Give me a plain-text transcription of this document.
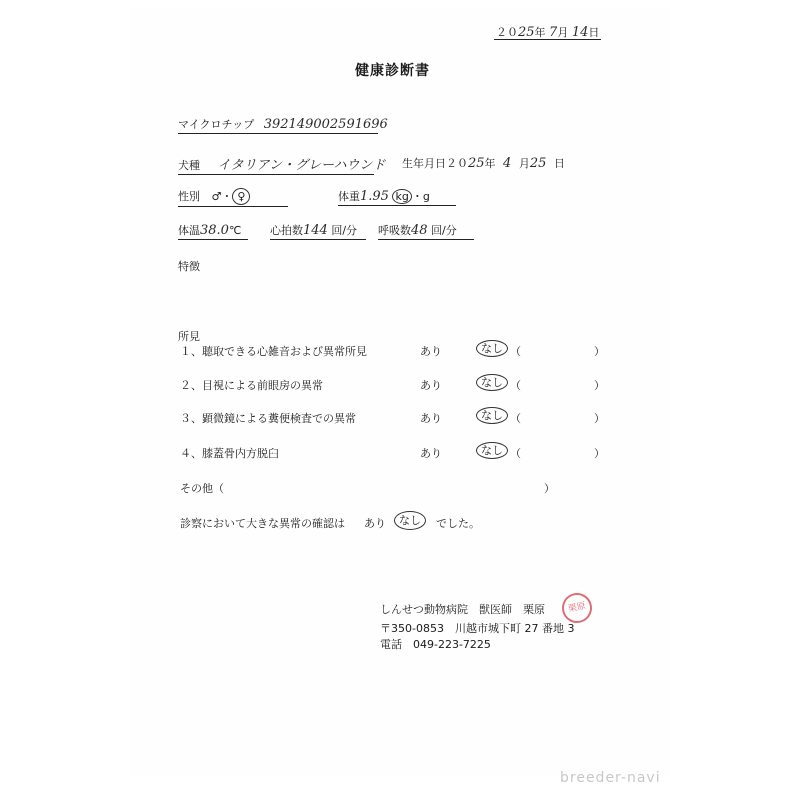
２０25年 7月 14日
健康診断書
マイクロチップ 392149002591696
犬種 イタリアン・グレーハウンド 生年月日２０25年 4 月25 日
性別 ♂・ ♀	体重1.95 kg ・g
体温38.0℃	心拍数144 回/分	呼吸数48 回/分
特徴
所見
１、聴取できる心雑音および異常所見	あり	なし （	）
２、目視による前眼房の異常	あり	なし （	）
３、顕微鏡による糞便検査での異常	あり	なし （	）
４、膝蓋骨内方脱臼	あり	なし （	）
その他（	）
診察において大きな異常の確認は あり	なし	でした。
しんせつ動物病院　獣医師　栗原 栗原
〒350-0853　川越市城下町 27 番地 3
電話　049-223-7225
breeder-navi
